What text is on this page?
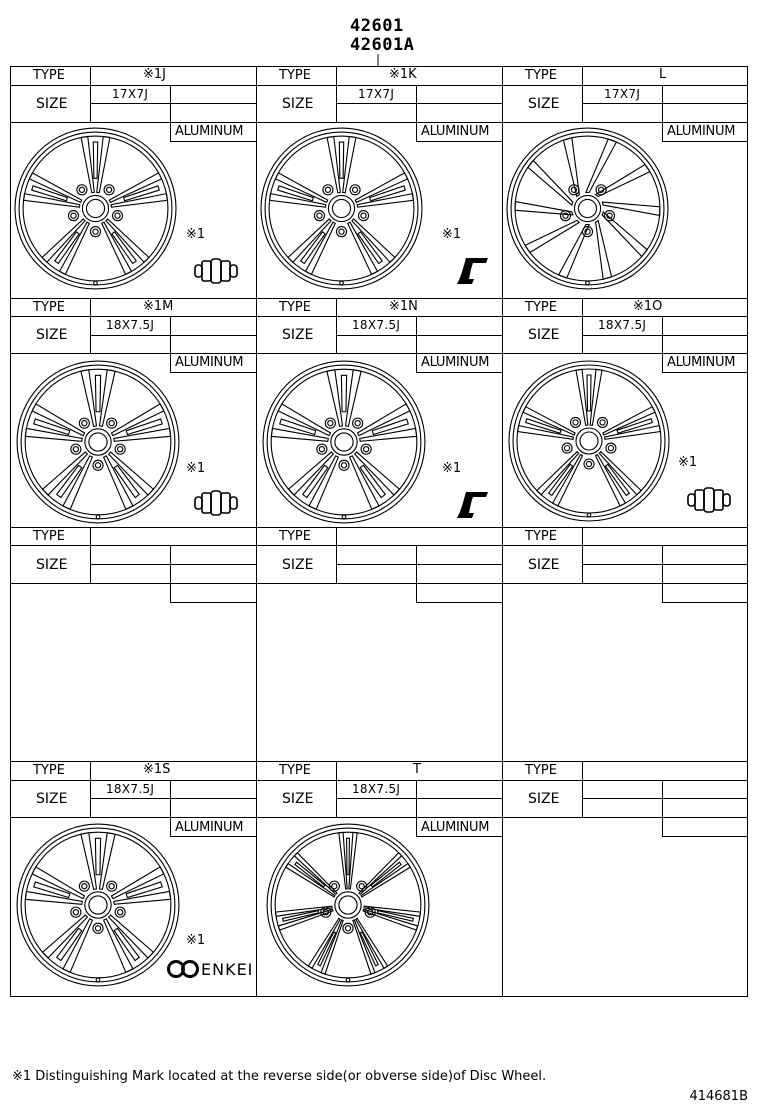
42601
42601A
TYPE	※1J	TYPE	※1K	TYPE	L
SIZE
17X7J
SIZE
17X7J
SIZE
17X7J
ALUMINUM	ALUMINUM	ALUMINUM
※1	※1
TYPE	※1M	TYPE	※1N	TYPE	※1O
SIZE
18X7.5J
SIZE
18X7.5J
SIZE
18X7.5J
ALUMINUM	ALUMINUM	ALUMINUM
※1	※1	※1
TYPE	TYPE	TYPE
SIZE	SIZE	SIZE
TYPE	※1S	TYPE	T	TYPE
SIZE
18X7.5J
SIZE
18X7.5J
SIZE
ALUMINUM	ALUMINUM
※1
ENKEI
※1 Distinguishing Mark located at the reverse side(or obverse side)of Disc Wheel.
414681B
